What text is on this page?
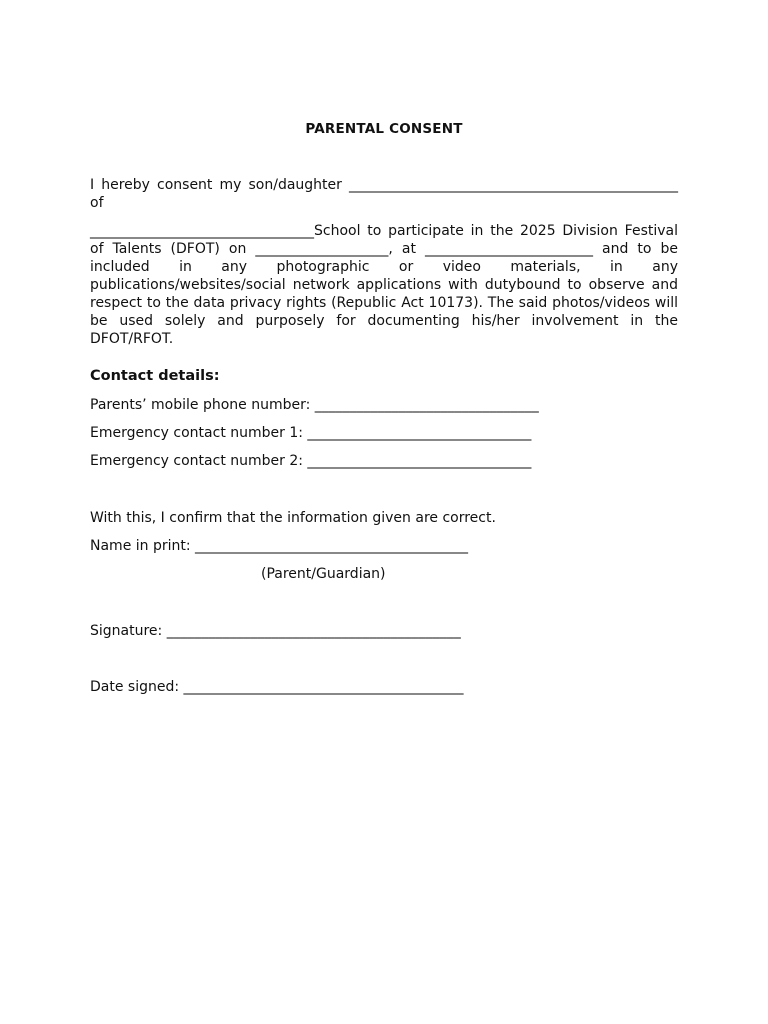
PARENTAL CONSENT
I hereby consent my son/daughter _______________________________________________ of
________________________________School to participate in the 2025 Division Festival of Talents (DFOT) on ___________________, at ________________________ and to be included in any photographic or video materials, in any publications/websites/social network applications with dutybound to observe and respect to the data privacy rights (Republic Act 10173). The said photos/videos will be used solely and purposely for documenting his/her involvement in the DFOT/RFOT.
Contact details:
Parents’ mobile phone number: ________________________________
Emergency contact number 1: ________________________________
Emergency contact number 2: ________________________________
With this, I confirm that the information given are correct.
Name in print: _______________________________________
(Parent/Guardian)
Signature: __________________________________________
Date signed: ________________________________________
